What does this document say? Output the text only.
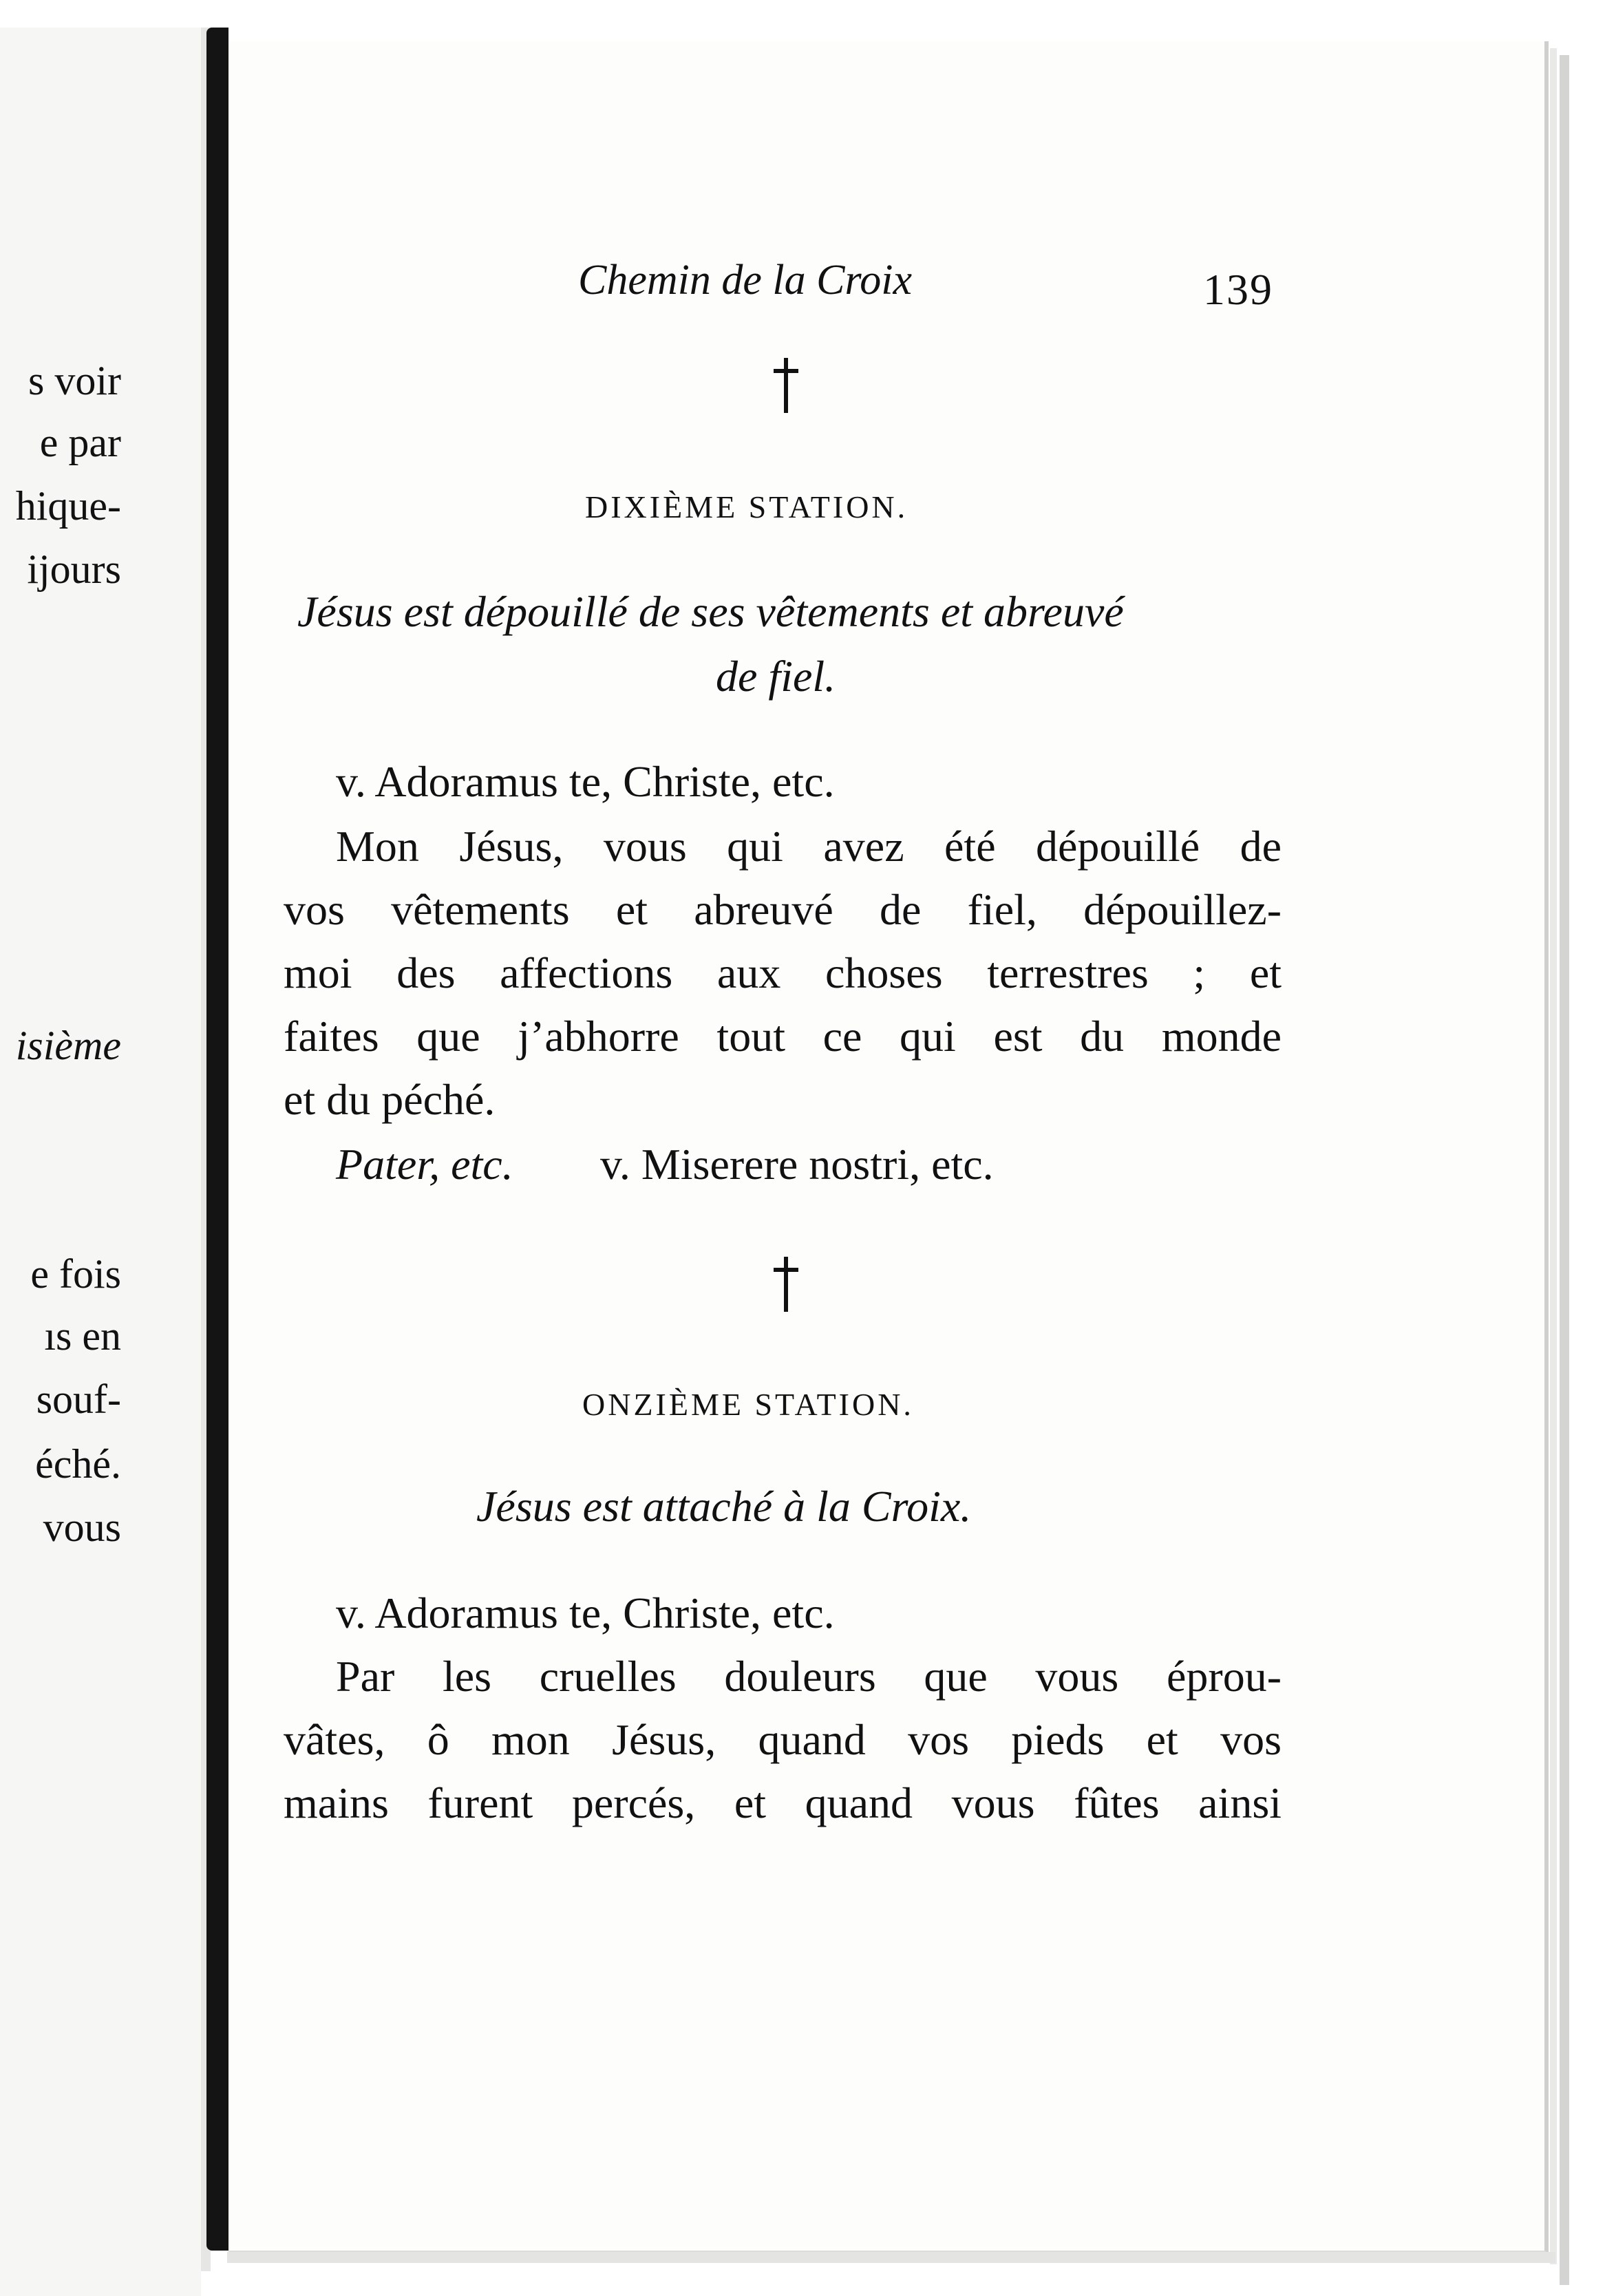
s voir
e par
hique-
ijours
isième
e fois
ıs en
souf-
éché.
vous
Chemin de la Croix	139
DIXIÈME STATION.
Jésus est dépouillé de ses vêtements et abreuvé
de fiel.
v. Adoramus te, Christe, etc.
Mon Jésus, vous qui avez été dépouillé de
vos vêtements et abreuvé de fiel, dépouillez-
moi des affections aux choses terrestres ; et
faites que j’abhorre tout ce qui est du monde
et du péché.
Pater, etc. v. Miserere nostri, etc.
ONZIÈME STATION.
Jésus est attaché à la Croix.
v. Adoramus te, Christe, etc.
Par les cruelles douleurs que vous éprou-
vâtes, ô mon Jésus, quand vos pieds et vos
mains furent percés, et quand vous fûtes ainsi
